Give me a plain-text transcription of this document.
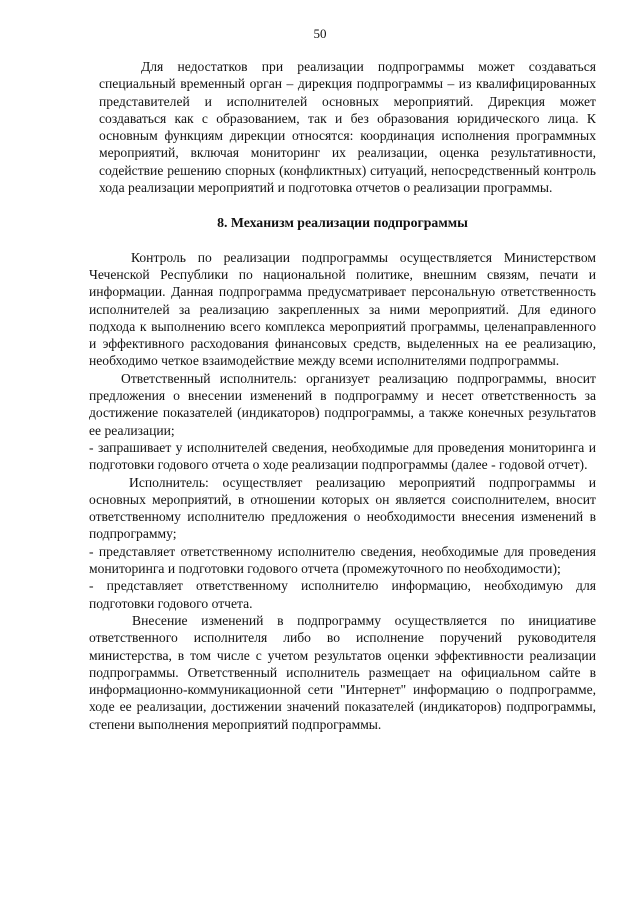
50

Для недостатков при реализации подпрограммы может создаваться специальный временный орган – дирекция подпрограммы – из квалифицированных представителей и исполнителей основных мероприятий. Дирекция может создаваться как с образованием, так и без образования юридического лица. К основным функциям дирекции относятся: координация исполнения программных мероприятий, включая мониторинг их реализации, оценка результативности, содействие решению спорных (конфликтных) ситуаций, непосредственный контроль хода реализации мероприятий и подготовка отчетов о реализации программы.

8. Механизм реализации подпрограммы

Контроль по реализации подпрограммы осуществляется Министерством Чеченской Республики по национальной политике, внешним связям, печати и информации. Данная подпрограмма предусматривает персональную ответственность исполнителей за реализацию закрепленных за ними мероприятий. Для единого подхода к выполнению всего комплекса мероприятий программы, целенаправленного и эффективного расходования финансовых средств, выделенных на ее реализацию, необходимо четкое взаимодействие между всеми исполнителями подпрограммы.

Ответственный исполнитель: организует реализацию подпрограммы, вносит предложения о внесении изменений в подпрограмму и несет ответственность за достижение показателей (индикаторов) подпрограммы, а также конечных результатов ее реализации;

- запрашивает у исполнителей сведения, необходимые для проведения мониторинга и подготовки годового отчета о ходе реализации подпрограммы (далее - годовой отчет).

Исполнитель: осуществляет реализацию мероприятий подпрограммы и основных мероприятий, в отношении которых он является соисполнителем, вносит ответственному исполнителю предложения о необходимости внесения изменений в подпрограмму;

- представляет ответственному исполнителю сведения, необходимые для проведения мониторинга и подготовки годового отчета (промежуточного по необходимости);

- представляет ответственному исполнителю информацию, необходимую для подготовки годового отчета.

Внесение изменений в подпрограмму осуществляется по инициативе ответственного исполнителя либо во исполнение поручений руководителя министерства, в том числе с учетом результатов оценки эффективности реализации подпрограммы. Ответственный исполнитель размещает на официальном сайте в информационно-коммуникационной сети "Интернет" информацию о подпрограмме, ходе ее реализации, достижении значений показателей (индикаторов) подпрограммы, степени выполнения мероприятий подпрограммы.
